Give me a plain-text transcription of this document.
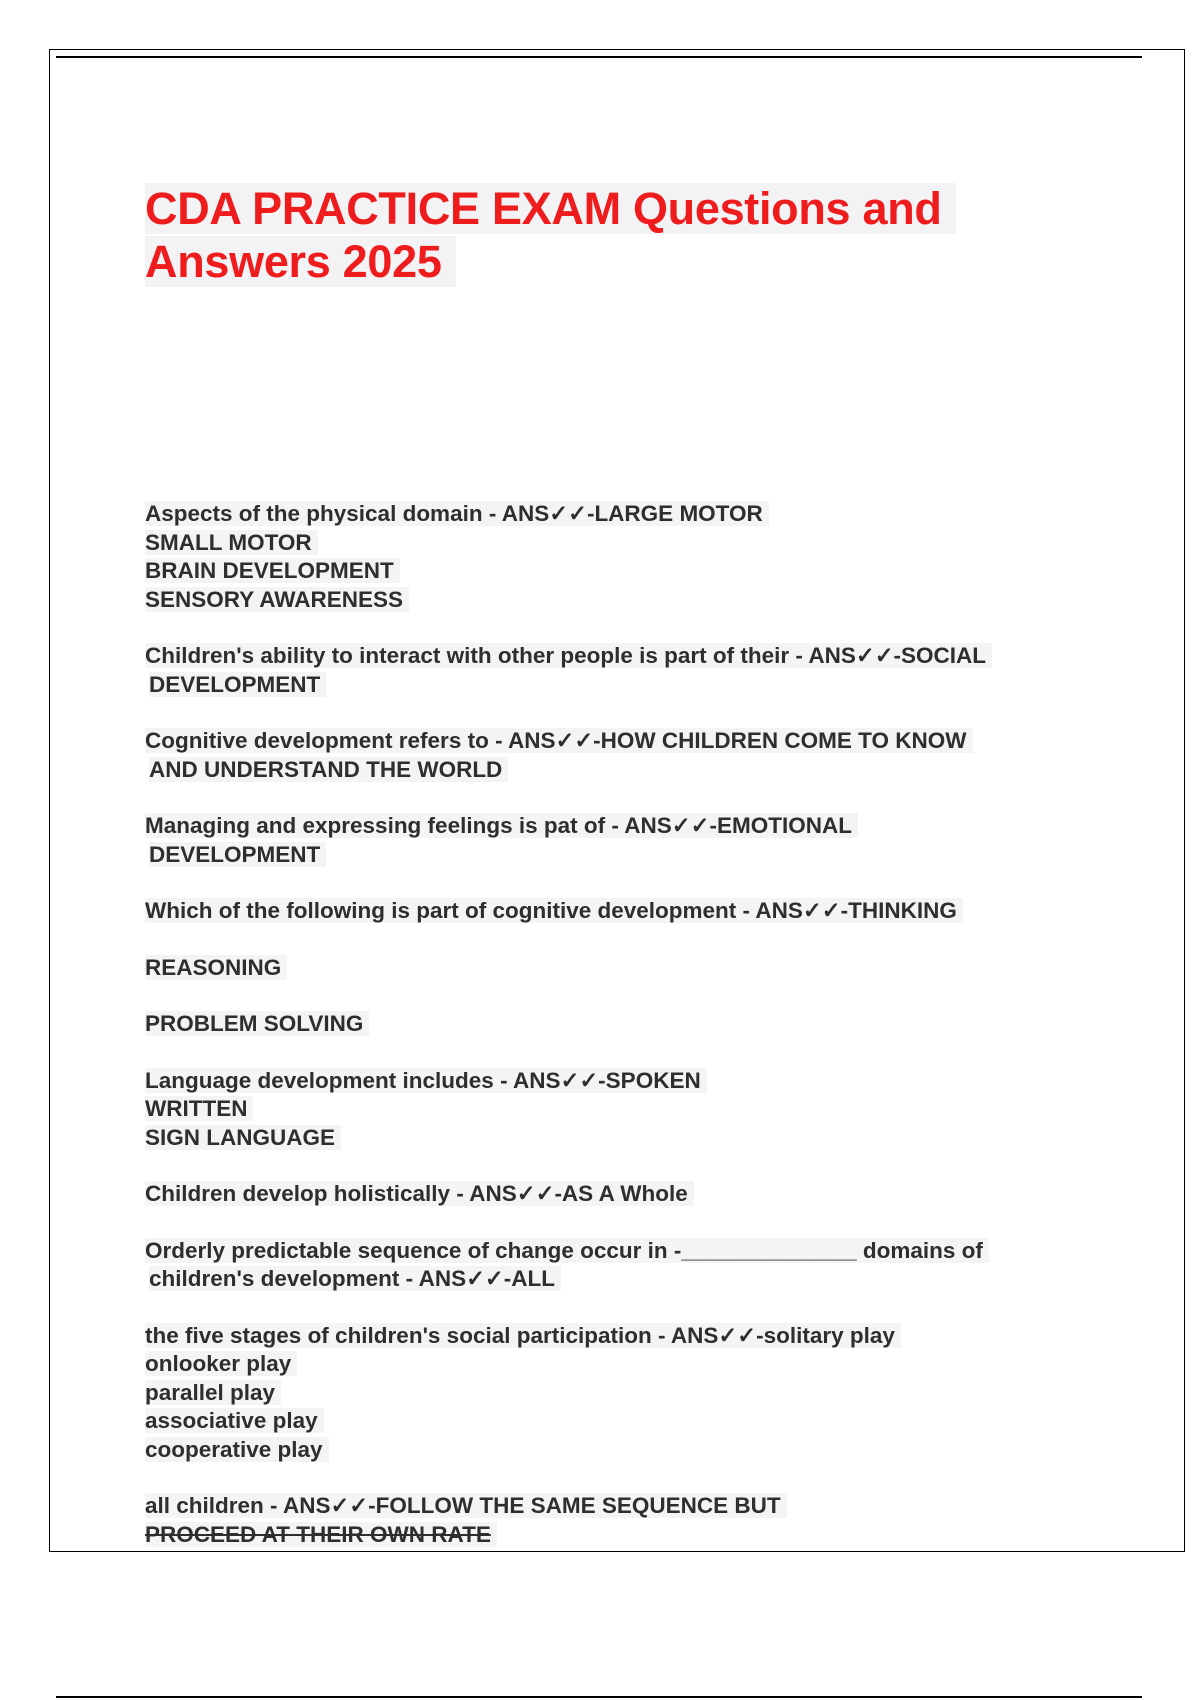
CDA PRACTICE EXAM Questions and
Answers 2025
Aspects of the physical domain - ANS✓✓-LARGE MOTOR
SMALL MOTOR
BRAIN DEVELOPMENT
SENSORY AWARENESS
Children's ability to interact with other people is part of their - ANS✓✓-SOCIAL
DEVELOPMENT
Cognitive development refers to - ANS✓✓-HOW CHILDREN COME TO KNOW
AND UNDERSTAND THE WORLD
Managing and expressing feelings is pat of - ANS✓✓-EMOTIONAL
DEVELOPMENT
Which of the following is part of cognitive development - ANS✓✓-THINKING
REASONING
PROBLEM SOLVING
Language development includes - ANS✓✓-SPOKEN
WRITTEN
SIGN LANGUAGE
Children develop holistically - ANS✓✓-AS A Whole
Orderly predictable sequence of change occur in -______________ domains of
children's development - ANS✓✓-ALL
the five stages of children's social participation - ANS✓✓-solitary play
onlooker play
parallel play
associative play
cooperative play
all children - ANS✓✓-FOLLOW THE SAME SEQUENCE BUT
PROCEED AT THEIR OWN RATE
